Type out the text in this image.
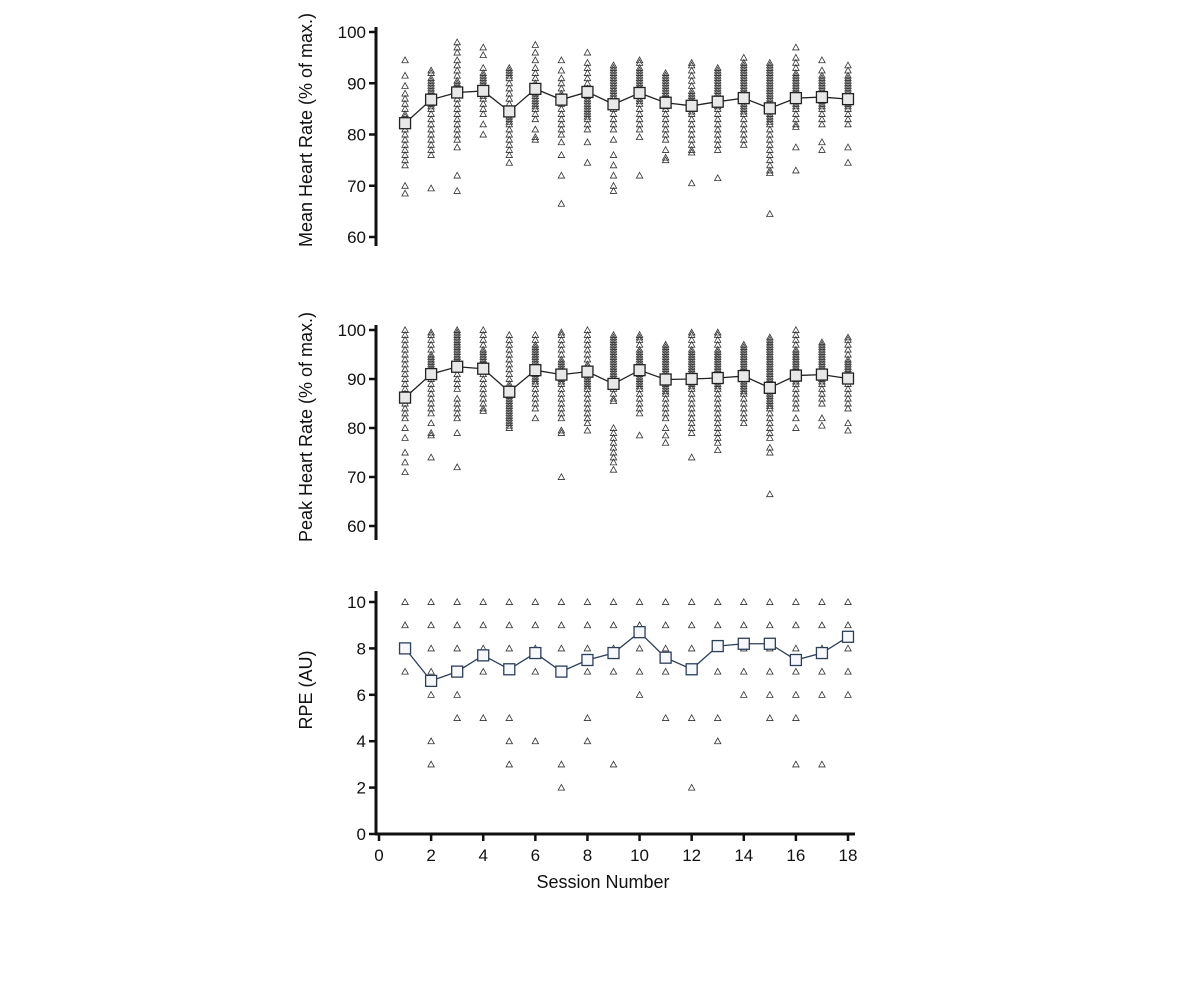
60
70
80
90
100
Mean Heart Rate (% of max.)
60
70
80
90
100
Peak Heart Rate (% of max.)
0
2
4
6
8
10
RPE (AU)
0	2	4	6	8 10 12 14 16 18
Session Number
